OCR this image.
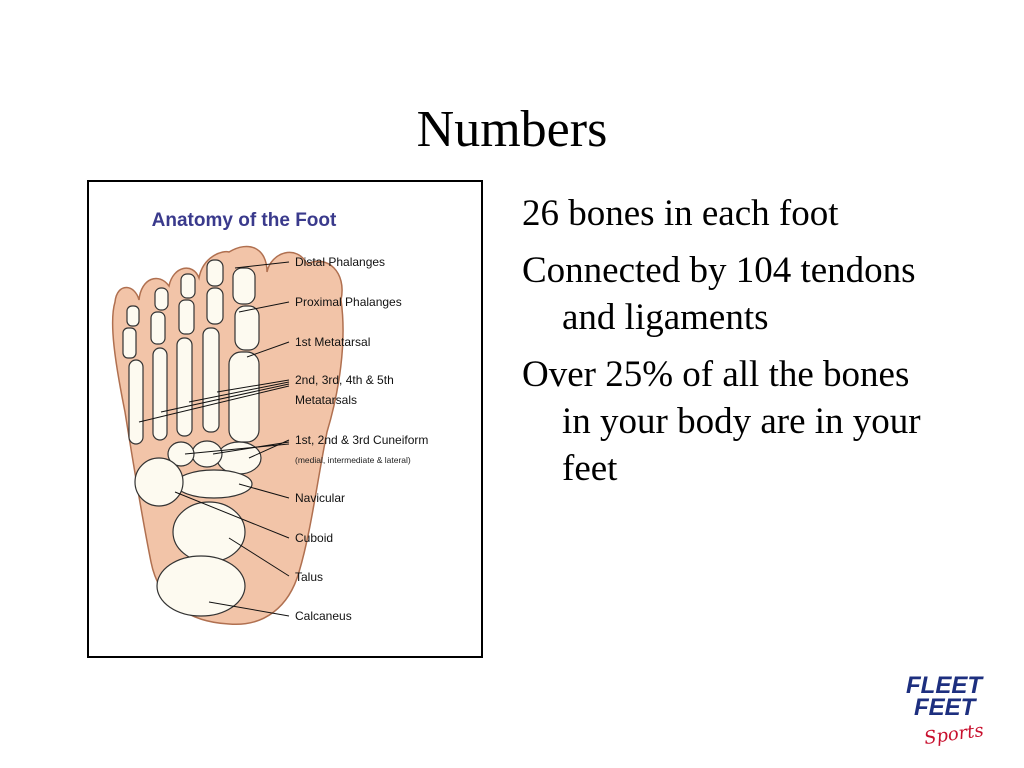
Numbers
Anatomy of the Foot
Distal Phalanges
Proximal Phalanges
1st Metatarsal
2nd, 3rd, 4th & 5th
Metatarsals
1st, 2nd & 3rd Cuneiform
(medial, intermediate & lateral)
Navicular
Cuboid
Talus
Calcaneus
26 bones in each foot
Connected by 104 tendons and ligaments
Over 25% of all the bones in your body are in your feet
FLEET
FEET
Sports
